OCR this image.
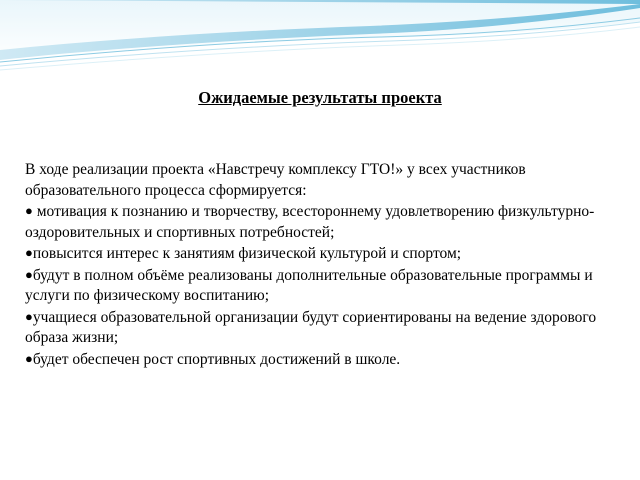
Ожидаемые результаты проекта

В ходе реализации проекта «Навстречу комплексу ГТО!» у всех участников образовательного процесса сформируется:

● мотивация к познанию и творчеству, всестороннему удовлетворению физкультурно-оздоровительных и спортивных потребностей;

●повысится интерес к занятиям физической культурой и спортом;

●будут в полном объёме реализованы дополнительные образовательные программы и услуги по физическому воспитанию;

●учащиеся образовательной организации будут сориентированы на ведение здорового образа жизни;

●будет обеспечен рост спортивных достижений в школе.
